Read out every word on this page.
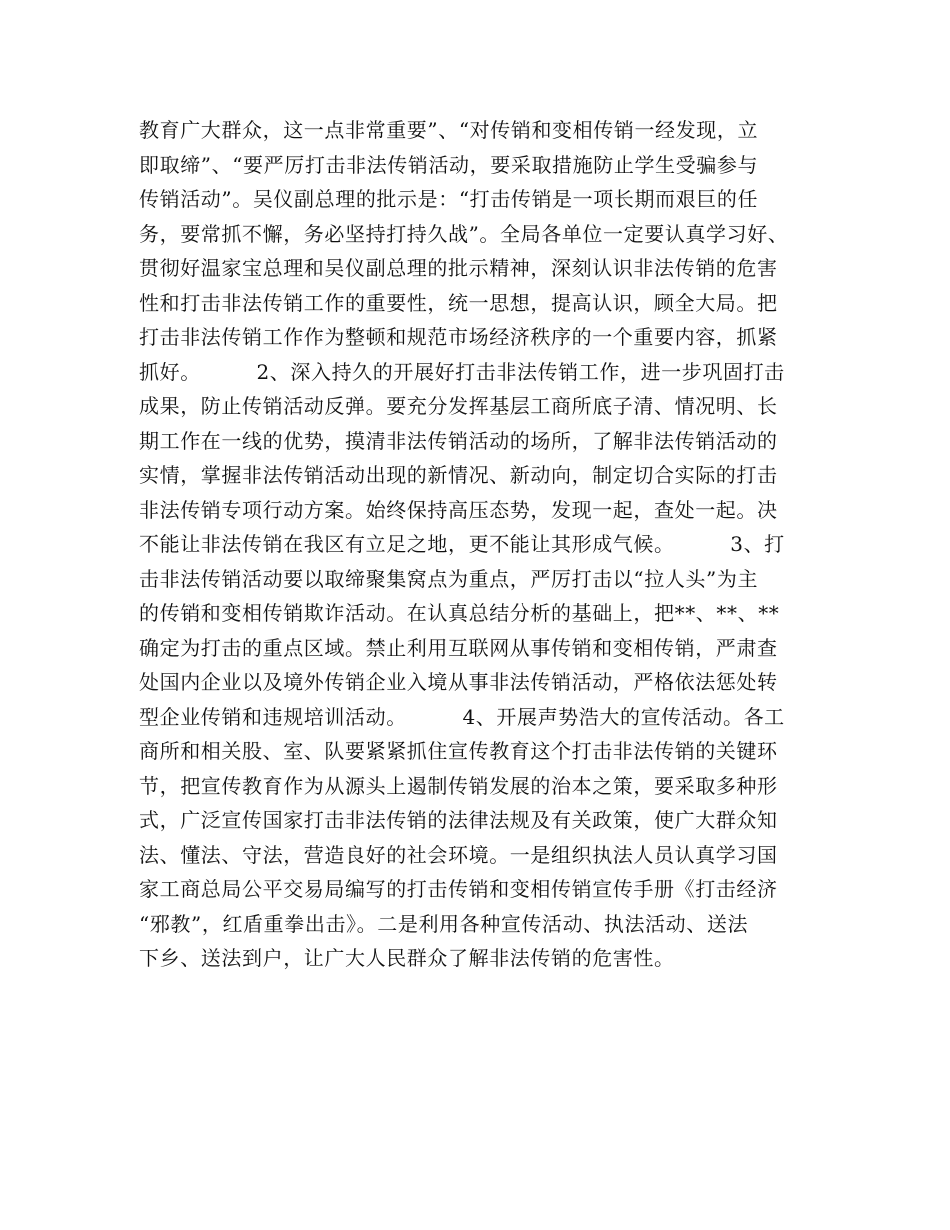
教育广大群众，这一点非常重要”、“对传销和变相传销一经发现，立
即取缔”、“要严厉打击非法传销活动，要采取措施防止学生受骗参与
传销活动”。吴仪副总理的批示是：“打击传销是一项长期而艰巨的任
务，要常抓不懈，务必坚持打持久战”。全局各单位一定要认真学习好、
贯彻好温家宝总理和吴仪副总理的批示精神，深刻认识非法传销的危害
性和打击非法传销工作的重要性，统一思想，提高认识，顾全大局。把
打击非法传销工作作为整顿和规范市场经济秩序的一个重要内容，抓紧
抓好。        2、深入持久的开展好打击非法传销工作，进一步巩固打击
成果，防止传销活动反弹。要充分发挥基层工商所底子清、情况明、长
期工作在一线的优势，摸清非法传销活动的场所，了解非法传销活动的
实情，掌握非法传销活动出现的新情况、新动向，制定切合实际的打击
非法传销专项行动方案。始终保持高压态势，发现一起，查处一起。决
不能让非法传销在我区有立足之地，更不能让其形成气候。        3、打
击非法传销活动要以取缔聚集窝点为重点，严厉打击以“拉人头”为主
的传销和变相传销欺诈活动。在认真总结分析的基础上，把**、**、**
确定为打击的重点区域。禁止利用互联网从事传销和变相传销，严肃查
处国内企业以及境外传销企业入境从事非法传销活动，严格依法惩处转
型企业传销和违规培训活动。        4、开展声势浩大的宣传活动。各工
商所和相关股、室、队要紧紧抓住宣传教育这个打击非法传销的关键环
节，把宣传教育作为从源头上遏制传销发展的治本之策，要采取多种形
式，广泛宣传国家打击非法传销的法律法规及有关政策，使广大群众知
法、懂法、守法，营造良好的社会环境。一是组织执法人员认真学习国
家工商总局公平交易局编写的打击传销和变相传销宣传手册《打击经济
“邪教”，红盾重拳出击》。二是利用各种宣传活动、执法活动、送法
下乡、送法到户，让广大人民群众了解非法传销的危害性。
